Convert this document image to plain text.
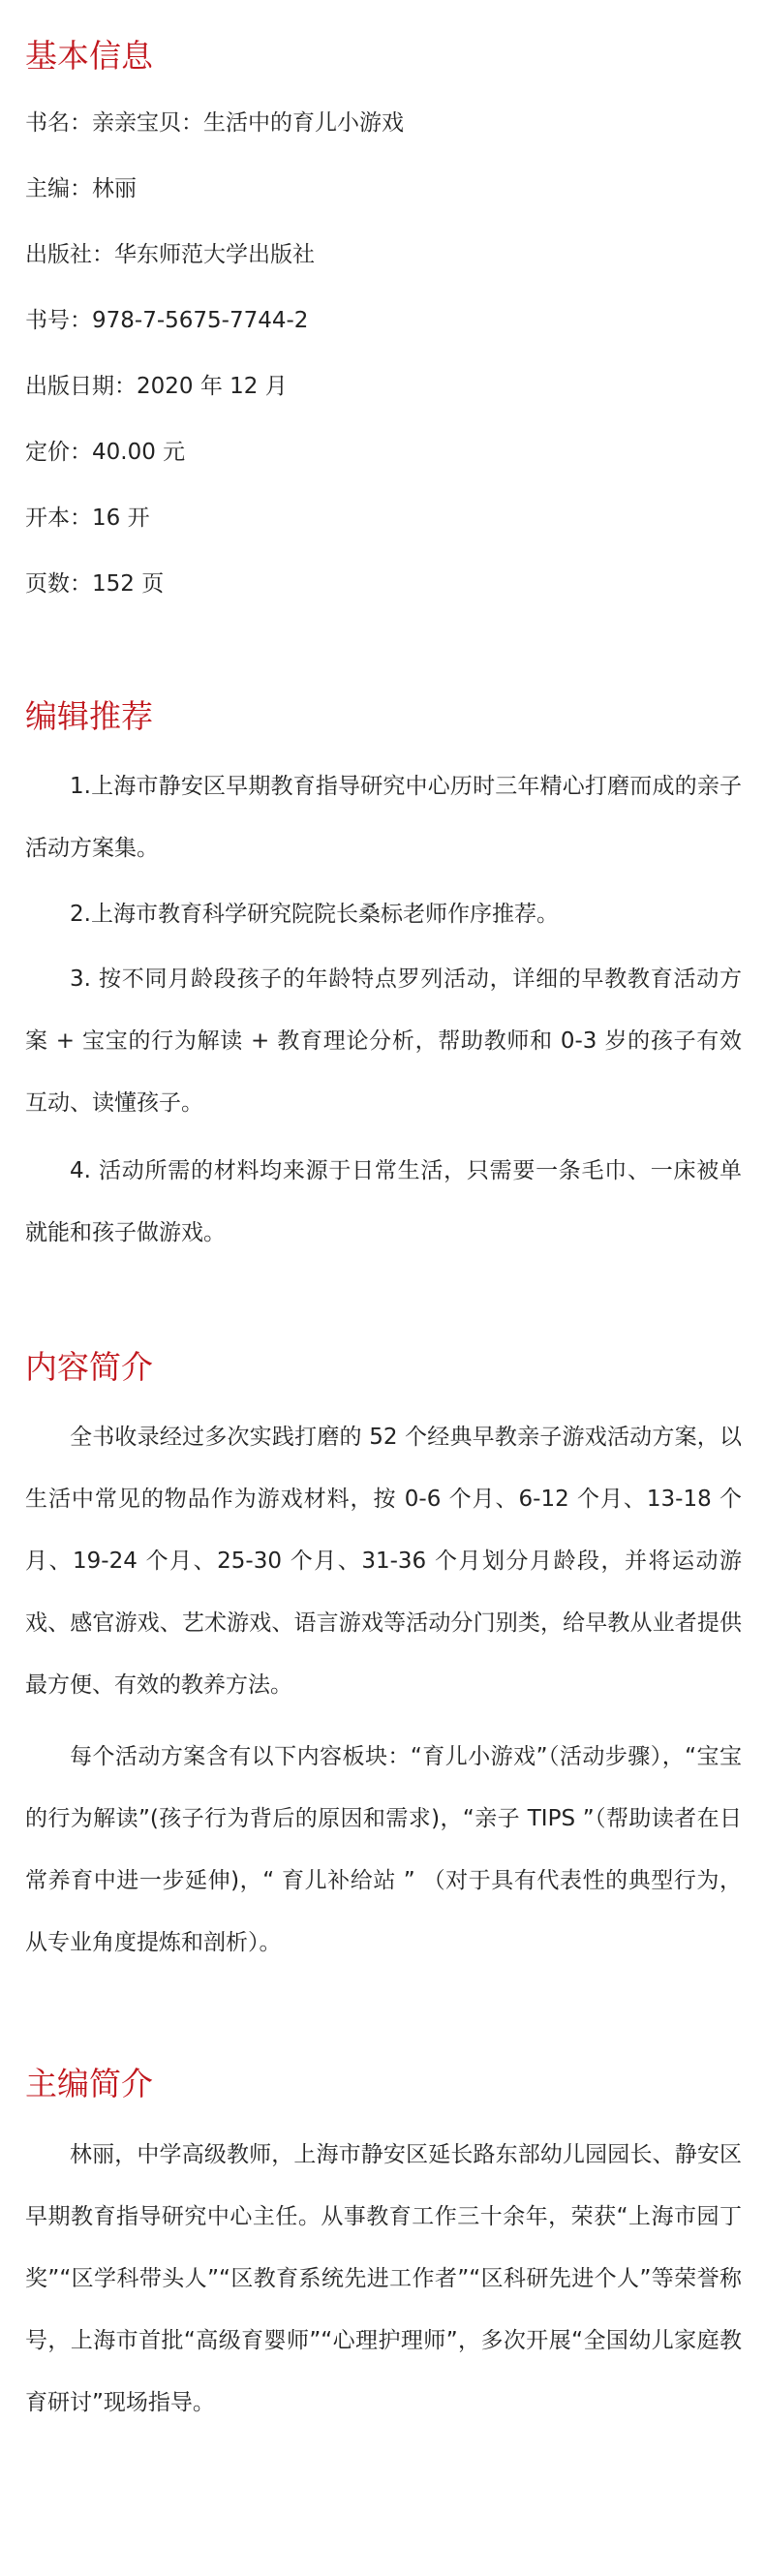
基本信息

书名：亲亲宝贝：生活中的育儿小游戏

主编：林丽

出版社：华东师范大学出版社

书号：978-7-5675-7744-2

出版日期：2020 年 12 月

定价：40.00 元

开本：16 开

页数：152 页

编辑推荐

1.上海市静安区早期教育指导研究中心历时三年精心打磨而成的亲子活动方案集。

2.上海市教育科学研究院院长桑标老师作序推荐。

3. 按不同月龄段孩子的年龄特点罗列活动，详细的早教教育活动方案 + 宝宝的行为解读 + 教育理论分析，帮助教师和 0-3 岁的孩子有效互动、读懂孩子。

4. 活动所需的材料均来源于日常生活，只需要一条毛巾、一床被单就能和孩子做游戏。

内容简介

全书收录经过多次实践打磨的 52 个经典早教亲子游戏活动方案，以生活中常见的物品作为游戏材料，按 0-6 个月、6-12 个月、13-18 个月、19-24 个月、25-30 个月、31-36 个月划分月龄段，并将运动游戏、感官游戏、艺术游戏、语言游戏等活动分门别类，给早教从业者提供最方便、有效的教养方法。

每个活动方案含有以下内容板块：“育儿小游戏”（活动步骤），“宝宝的行为解读”(孩子行为背后的原因和需求)，“亲子 TIPS ”（帮助读者在日常养育中进一步延伸)，“ 育儿补给站 ” （对于具有代表性的典型行为，从专业角度提炼和剖析）。

主编简介

林丽，中学高级教师，上海市静安区延长路东部幼儿园园长、静安区早期教育指导研究中心主任。从事教育工作三十余年，荣获“上海市园丁奖”“区学科带头人”“区教育系统先进工作者”“区科研先进个人”等荣誉称号，上海市首批“高级育婴师”“心理护理师”，多次开展“全国幼儿家庭教育研讨”现场指导。
